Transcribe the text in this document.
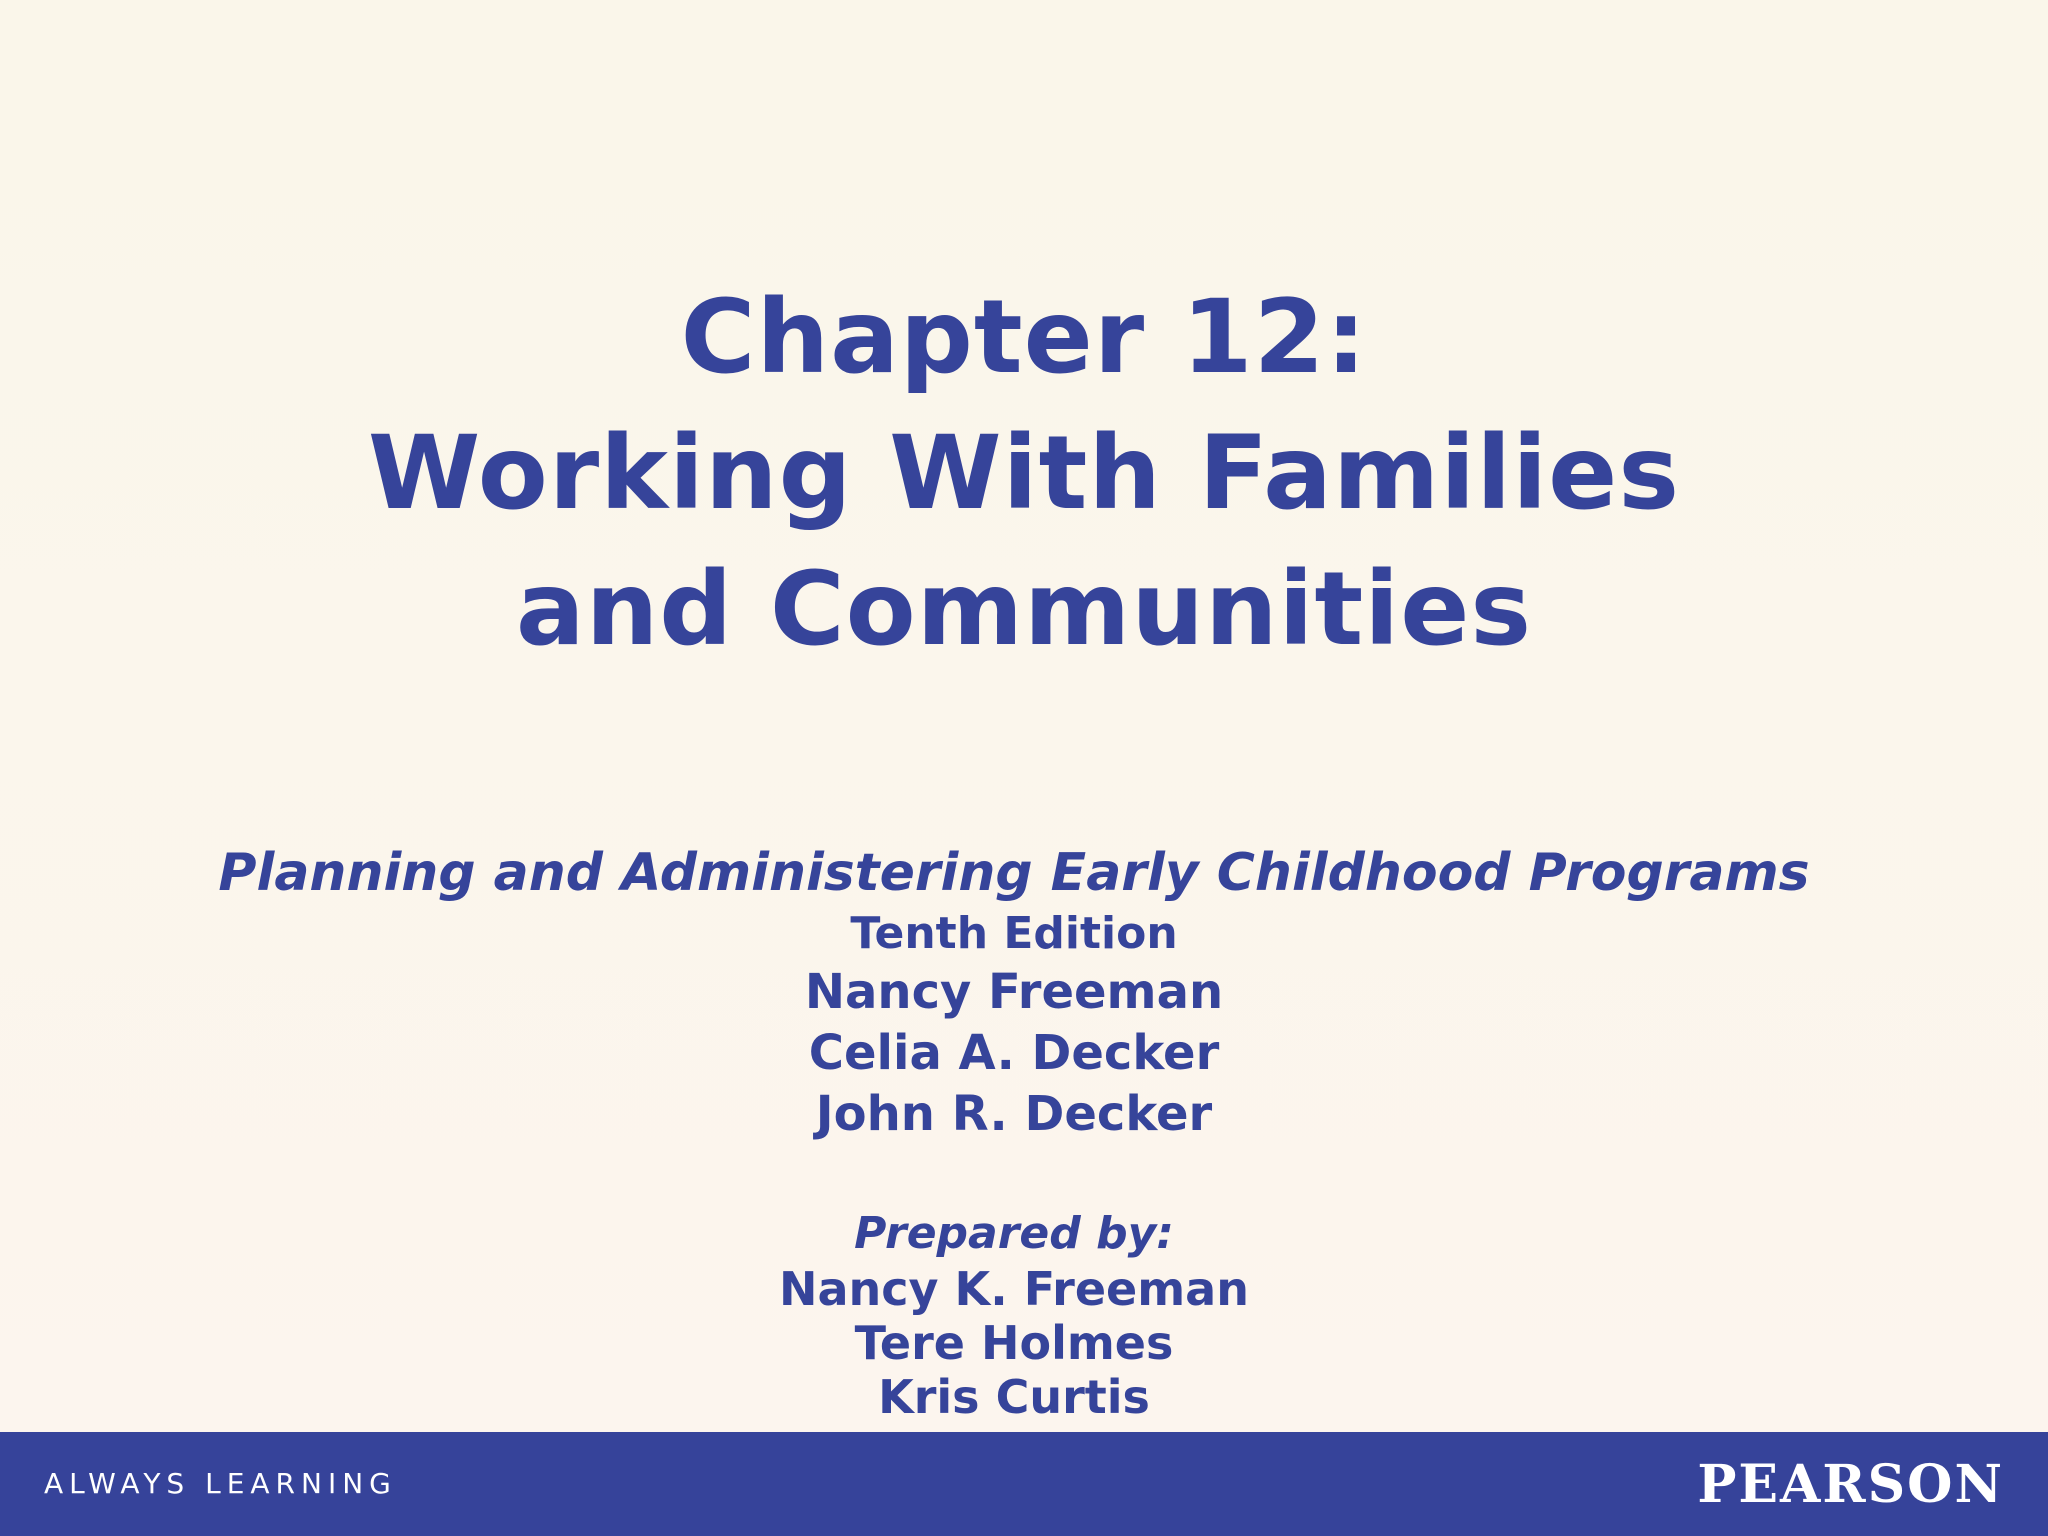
Chapter 12:
Working With Families
and Communities
Planning and Administering Early Childhood Programs
Tenth Edition
Nancy Freeman
Celia A. Decker
John R. Decker
Prepared by:
Nancy K. Freeman
Tere Holmes
Kris Curtis
ALWAYS LEARNING	PEARSON
